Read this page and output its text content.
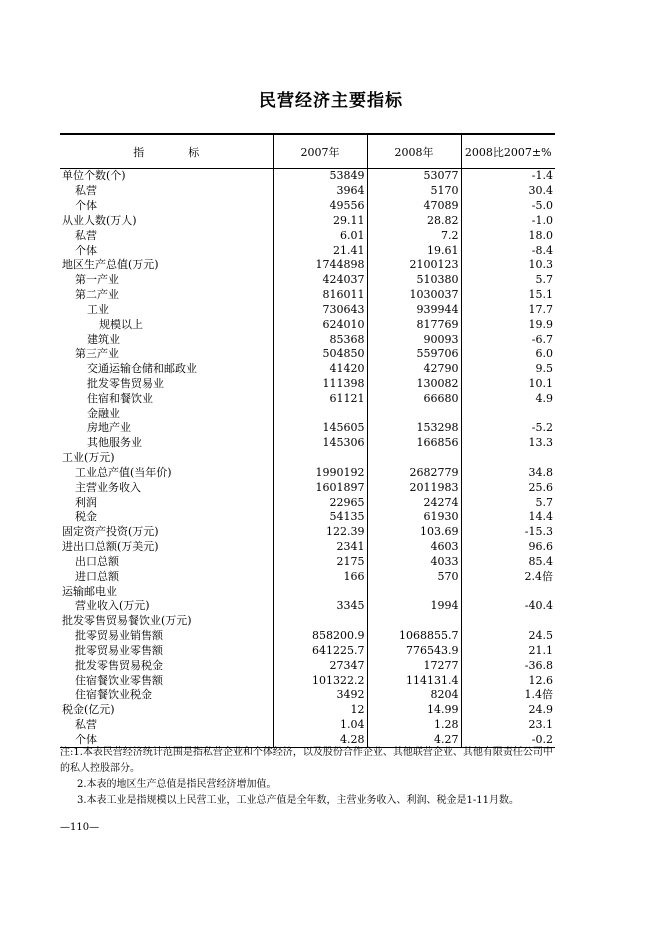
民营经济主要指标
指　　　　标	2007年	2008年	2008比2007±%
单位个数(个)	53849	53077	-1.4
私营	3964	5170	30.4
个体	49556	47089	-5.0
从业人数(万人)	29.11	28.82	-1.0
私营	6.01	7.2	18.0
个体	21.41	19.61	-8.4
地区生产总值(万元)	1744898	2100123	10.3
第一产业	424037	510380	5.7
第二产业	816011	1030037	15.1
工业	730643	939944	17.7
规模以上	624010	817769	19.9
建筑业	85368	90093	-6.7
第三产业	504850	559706	6.0
交通运输仓储和邮政业	41420	42790	9.5
批发零售贸易业	111398	130082	10.1
住宿和餐饮业	61121	66680	4.9
金融业			
房地产业	145605	153298	-5.2
其他服务业	145306	166856	13.3
工业(万元)			
工业总产值(当年价)	1990192	2682779	34.8
主营业务收入	1601897	2011983	25.6
利润	22965	24274	5.7
税金	54135	61930	14.4
固定资产投资(万元)	122.39	103.69	-15.3
进出口总额(万美元)	2341	4603	96.6
出口总额	2175	4033	85.4
进口总额	166	570	2.4倍
运输邮电业			
营业收入(万元)	3345	1994	-40.4
批发零售贸易餐饮业(万元)			
批零贸易业销售额	858200.9	1068855.7	24.5
批零贸易业零售额	641225.7	776543.9	21.1
批发零售贸易税金	27347	17277	-36.8
住宿餐饮业零售额	101322.2	114131.4	12.6
住宿餐饮业税金	3492	8204	1.4倍
税金(亿元)	12	14.99	24.9
私营	1.04	1.28	23.1
个体	4.28	4.27	-0.2

注:1.本表民营经济统计范围是指私营企业和个体经济，以及股份合作企业、其他联营企业、其他有限责任公司中的私人控股部分。

2.本表的地区生产总值是指民营经济增加值。

3.本表工业是指规模以上民营工业，工业总产值是全年数，主营业务收入、利润、税金是1-11月数。

—110—
